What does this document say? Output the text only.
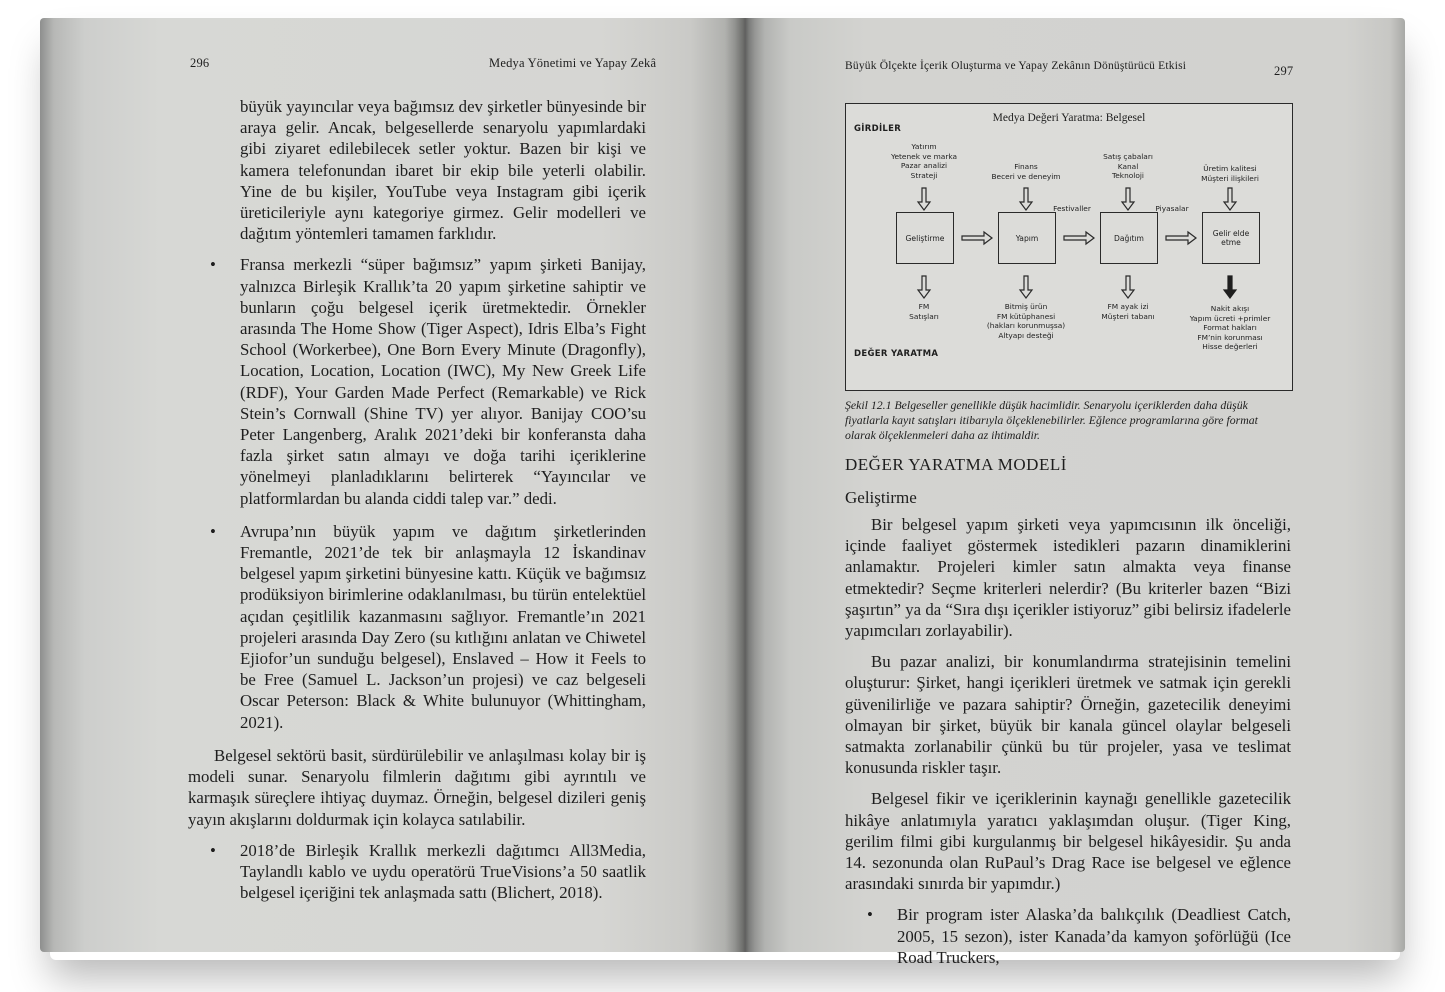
296	Medya Yönetimi ve Yapay Zekâ

büyük yayıncılar veya bağımsız dev şirketler bünyesinde bir araya gelir. Ancak, belgesellerde senaryolu yapımlardaki gibi ziyaret edilebilecek setler yoktur. Bazen bir kişi ve kamera telefonundan ibaret bir ekip bile yeterli olabilir. Yine de bu kişiler, YouTube veya Instagram gibi içerik üreticileriyle aynı kategoriye girmez. Gelir modelleri ve dağıtım yöntemleri tamamen farklıdır.

• Fransa merkezli “süper bağımsız” yapım şirketi Banijay, yalnızca Birleşik Krallık’ta 20 yapım şirketine sahiptir ve bunların çoğu belgesel içerik üretmektedir. Örnekler arasında The Home Show (Tiger Aspect), Idris Elba’s Fight School (Workerbee), One Born Every Minute (Dragonfly), Location, Location, Location (IWC), My New Greek Life (RDF), Your Garden Made Perfect (Remarkable) ve Rick Stein’s Cornwall (Shine TV) yer alıyor. Banijay COO’su Peter Langenberg, Aralık 2021’deki bir konferansta daha fazla şirket satın almayı ve doğa tarihi içeriklerine yönelmeyi planladıklarını belirterek “Yayıncılar ve platformlardan bu alanda ciddi talep var.” dedi.

• Avrupa’nın büyük yapım ve dağıtım şirketlerinden Fremantle, 2021’de tek bir anlaşmayla 12 İskandinav belgesel yapım şirketini bünyesine kattı. Küçük ve bağımsız prodüksiyon birimlerine odaklanılması, bu türün entelektüel açıdan çeşitlilik kazanmasını sağlıyor. Fremantle’ın 2021 projeleri arasında Day Zero (su kıtlığını anlatan ve Chiwetel Ejiofor’un sunduğu belgesel), Enslaved – How it Feels to be Free (Samuel L. Jackson’un projesi) ve caz belgeseli Oscar Peterson: Black & White bulunuyor (Whittingham, 2021).

Belgesel sektörü basit, sürdürülebilir ve anlaşılması kolay bir iş modeli sunar. Senaryolu filmlerin dağıtımı gibi ayrıntılı ve karmaşık süreçlere ihtiyaç duymaz. Örneğin, belgesel dizileri geniş yayın akışlarını doldurmak için kolayca satılabilir.

• 2018’de Birleşik Krallık merkezli dağıtımcı All3Media, Taylandlı kablo ve uydu operatörü TrueVisions’a 50 saatlik belgesel içeriğini tek anlaşmada sattı (Blichert, 2018).

Büyük Ölçekte İçerik Oluşturma ve Yapay Zekânın Dönüştürücü Etkisi	297
Medya Değeri Yaratma: Belgesel
GİRDİLER
DEĞER YARATMA
Yatırım
Yetenek ve marka
Pazar analizi
Strateji
Finans
Beceri ve deneyim
Satış çabaları
Kanal
Teknoloji
Üretim kalitesi
Müşteri ilişkileri
Geliştirme	Yapım	Dağıtım	Gelir elde etme
Festivaller	Piyasalar
FM
Satışları
Bitmiş ürün
FM kütüphanesi
(hakları korunmuşsa)
Altyapı desteği
FM ayak izi
Müşteri tabanı
Nakit akışı
Yapım ücreti +primler
Format hakları
FM’nin korunması
Hisse değerleri
Şekil 12.1 Belgeseller genellikle düşük hacimlidir. Senaryolu içeriklerden daha düşük fiyatlarla kayıt satışları itibarıyla ölçeklenebilirler. Eğlence programlarına göre format olarak ölçeklenmeleri daha az ihtimaldir.
DEĞER YARATMA MODELİ
Geliştirme

Bir belgesel yapım şirketi veya yapımcısının ilk önceliği, içinde faaliyet göstermek istedikleri pazarın dinamiklerini anlamaktır. Projeleri kimler satın almakta veya finanse etmektedir? Seçme kriterleri nelerdir? (Bu kriterler bazen “Bizi şaşırtın” ya da “Sıra dışı içerikler istiyoruz” gibi belirsiz ifadelerle yapımcıları zorlayabilir).

Bu pazar analizi, bir konumlandırma stratejisinin temelini oluşturur: Şirket, hangi içerikleri üretmek ve satmak için gerekli güvenilirliğe ve pazara sahiptir? Örneğin, gazetecilik deneyimi olmayan bir şirket, büyük bir kanala güncel olaylar belgeseli satmakta zorlanabilir çünkü bu tür projeler, yasa ve teslimat konusunda riskler taşır.

Belgesel fikir ve içeriklerinin kaynağı genellikle gazetecilik hikâye anlatımıyla yaratıcı yaklaşımdan oluşur. (Tiger King, gerilim filmi gibi kurgulanmış bir belgesel hikâyesidir. Şu anda 14. sezonunda olan RuPaul’s Drag Race ise belgesel ve eğlence arasındaki sınırda bir yapımdır.)

• Bir program ister Alaska’da balıkçılık (Deadliest Catch, 2005, 15 sezon), ister Kanada’da kamyon şoförlüğü (Ice Road Truckers,
